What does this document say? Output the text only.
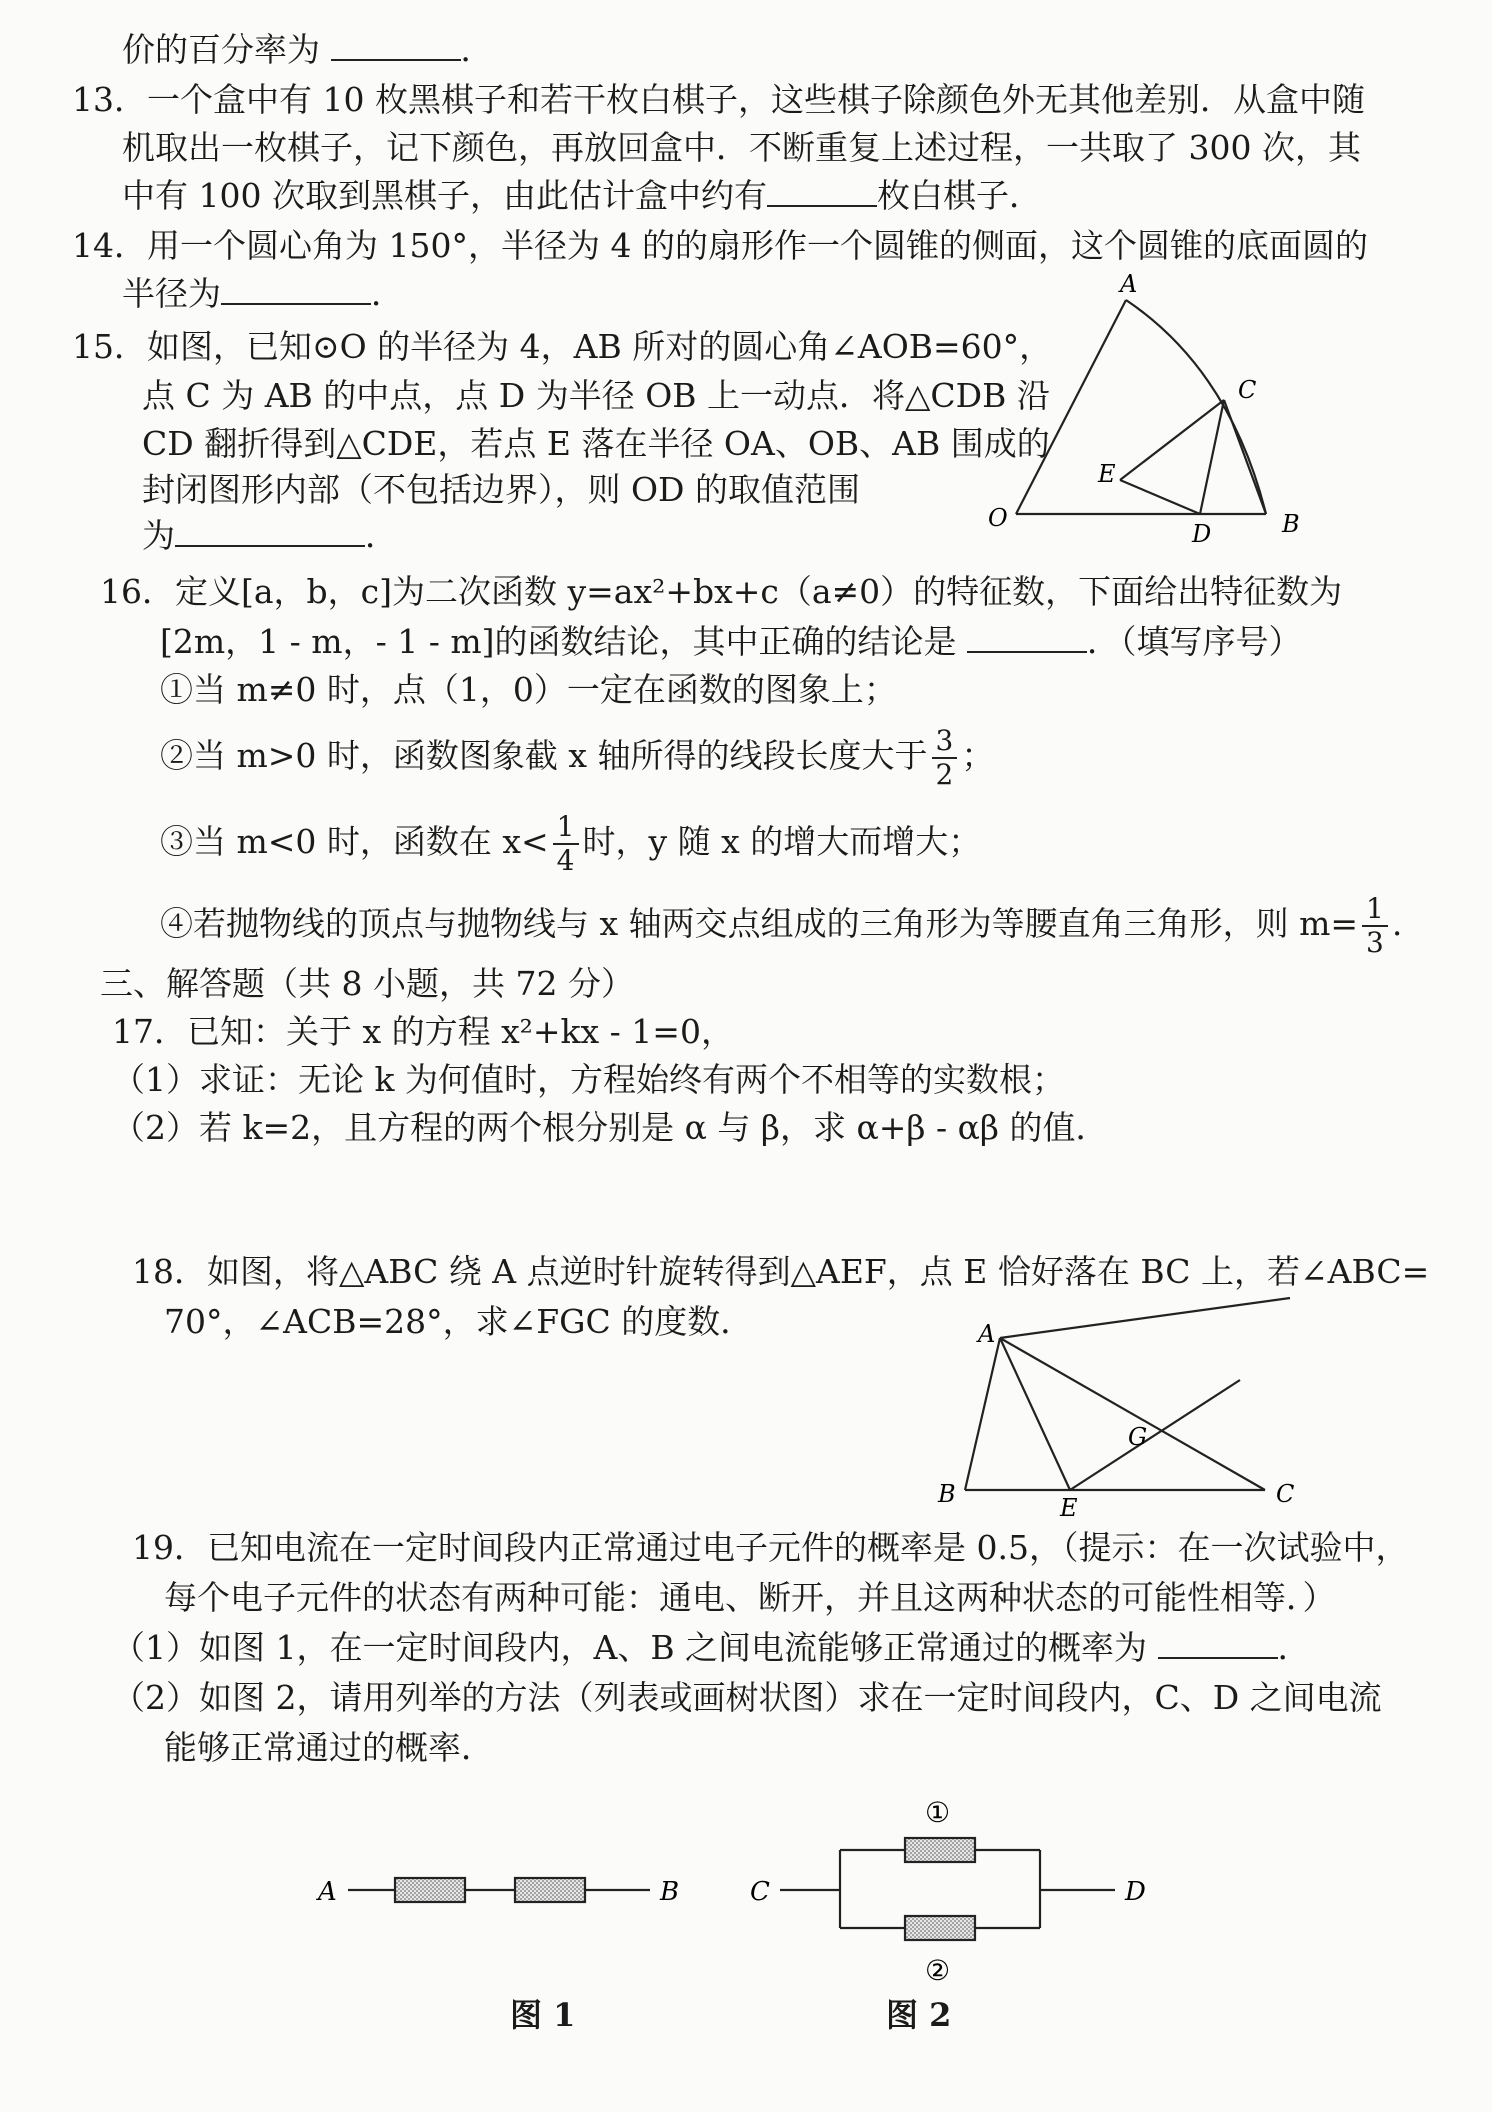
价的百分率为	．
13．一个盒中有 10 枚黑棋子和若干枚白棋子，这些棋子除颜色外无其他差别．从盒中随
机取出一枚棋子，记下颜色，再放回盒中．不断重复上述过程，一共取了 300 次，其
中有 100 次取到黑棋子，由此估计盒中约有	枚白棋子．
14．用一个圆心角为 150°，半径为 4 的的扇形作一个圆锥的侧面，这个圆锥的底面圆的
半径为	．
15．如图，已知⊙O 的半径为 4，AB 所对的圆心角∠AOB=60°，
点 C 为 AB 的中点，点 D 为半径 OB 上一动点．将△CDB 沿
CD 翻折得到△CDE，若点 E 落在半径 OA、OB、AB 围成的
封闭图形内部（不包括边界），则 OD 的取值范围
为	．
A
C
E
O
D	B
16．定义[a，b，c]为二次函数 y=ax²+bx+c（a≠0）的特征数，下面给出特征数为
[2m，1 - m，- 1 - m]的函数结论，其中正确的结论是	．（填写序号）
①当 m≠0 时，点（1，0）一定在函数的图象上；
②当 m>0 时，函数图象截 x 轴所得的线段长度大于 $\frac{3}{2}$ ；
③当 m<0 时，函数在 $x< \frac{1}{4}$ 时，y 随 x 的增大而增大；
④若抛物线的顶点与抛物线与 x 轴两交点组成的三角形为等腰直角三角形，则 $m= \frac{1}{3}$ .
三、解答题（共 8 小题，共 72 分）
17．已知：关于 x 的方程 x²+kx - 1=0，
（1）求证：无论 k 为何值时，方程始终有两个不相等的实数根；
（2）若 k=2，且方程的两个根分别是 α 与 β，求 α+β - αβ 的值．
18．如图，将△ABC 绕 A 点逆时针旋转得到△AEF，点 E 恰好落在 BC 上，若∠ABC=
70°，∠ACB=28°，求∠FGC 的度数．	A
G
B	E	C
19．已知电流在一定时间段内正常通过电子元件的概率是 0.5，（提示：在一次试验中，
每个电子元件的状态有两种可能：通电、断开，并且这两种状态的可能性相等．）
（1）如图 1，在一定时间段内，A、B 之间电流能够正常通过的概率为	．
（2）如图 2，请用列举的方法（列表或画树状图）求在一定时间段内，C、D 之间电流
能够正常通过的概率．
A	B	C	D
①
②
图 1	图 2
